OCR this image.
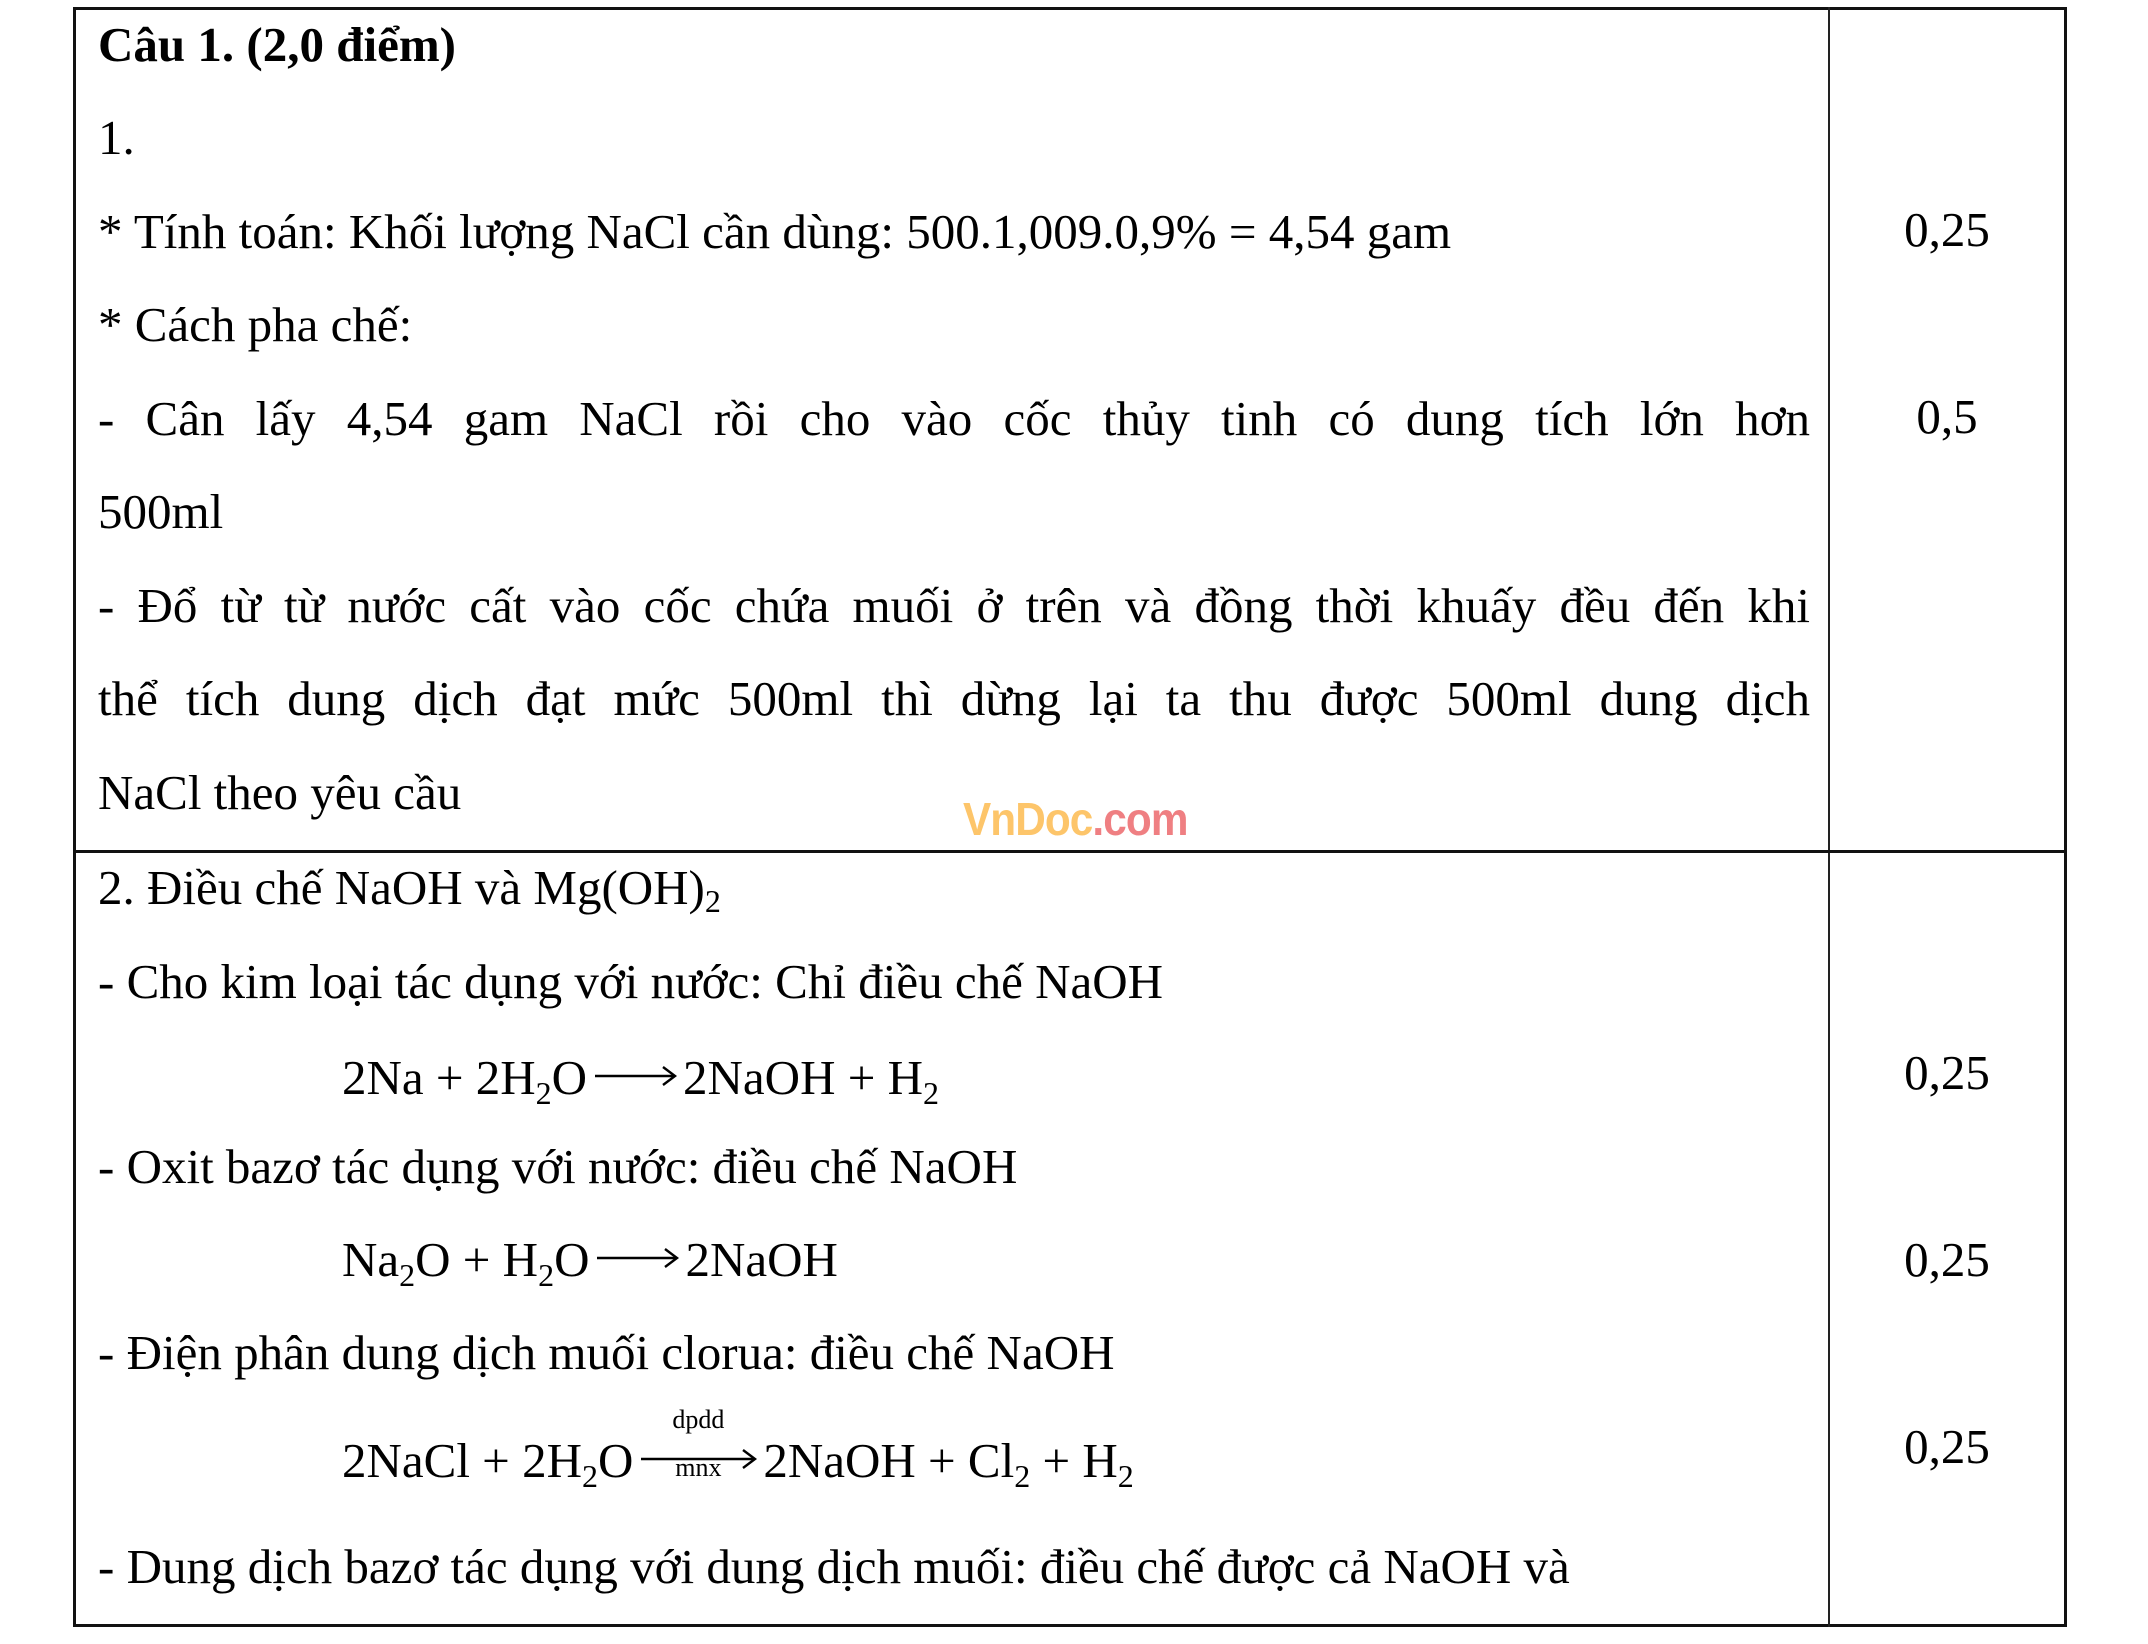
Câu 1. (2,0 điểm)
1.
* Tính toán: Khối lượng NaCl cần dùng: 500.1,009.0,9% = 4,54 gam
* Cách pha chế:
- Cân lấy 4,54 gam NaCl rồi cho vào cốc thủy tinh có dung tích lớn hơn
500ml
- Đổ từ từ nước cất vào cốc chứa muối ở trên và đồng thời khuấy đều đến khi
thể tích dung dịch đạt mức 500ml thì dừng lại ta thu được 500ml dung dịch
NaCl theo yêu cầu
0,25
0,5
VnDoc.com
2. Điều chế NaOH và $Mg(OH)_2$
- Cho kim loại tác dụng với nước: Chỉ điều chế NaOH
$2Na + 2H_2O$ → 2NaOH + $H_2$
- Oxit bazơ tác dụng với nước: điều chế NaOH
$Na_2O + H_2O$ → 2NaOH
- Điện phân dung dịch muối clorua: điều chế NaOH
2NaCl + $2H_2O$
dpdd
mnx 2NaOH + $Cl_2 + H_2$
- Dung dịch bazơ tác dụng với dung dịch muối: điều chế được cả NaOH và
0,25
0,25
0,25
